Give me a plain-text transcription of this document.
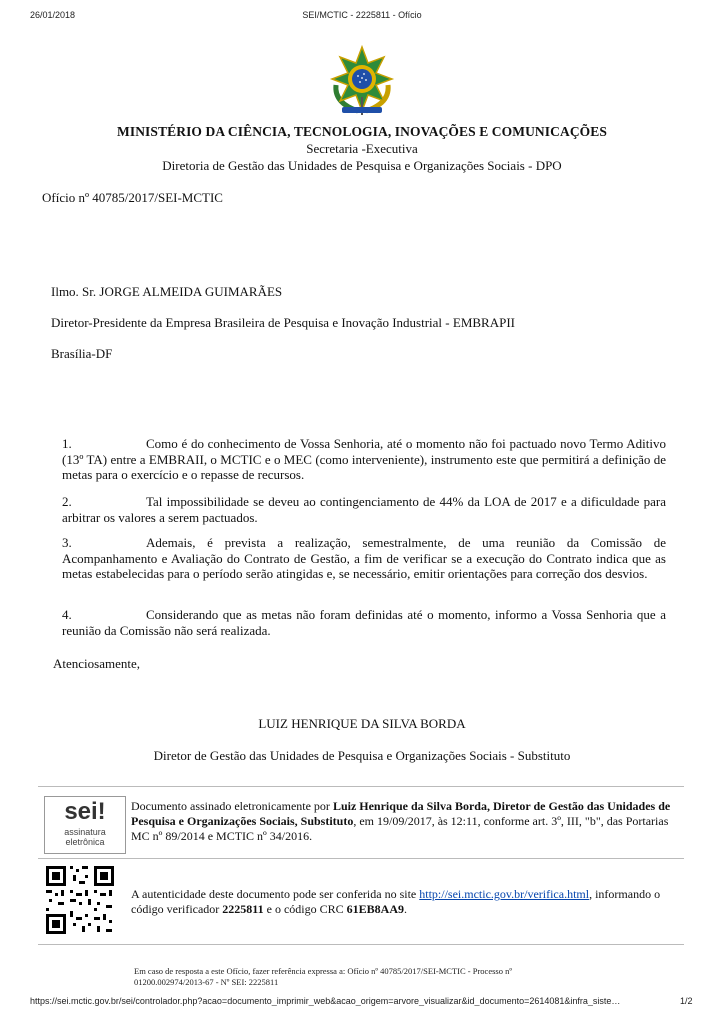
26/01/2018	SEI/MCTIC - 2225811 - Ofício
MINISTÉRIO DA CIÊNCIA, TECNOLOGIA, INOVAÇÕES E COMUNICAÇÕES
Secretaria -Executiva
Diretoria de Gestão das Unidades de Pesquisa e Organizações Sociais - DPO
Ofício nº 40785/2017/SEI-MCTIC
Ilmo. Sr. JORGE ALMEIDA GUIMARÃES
Diretor-Presidente da Empresa Brasileira de Pesquisa e Inovação Industrial - EMBRAPII
Brasília-DF
1.	Como é do conhecimento de Vossa Senhoria, até o momento não foi pactuado novo Termo Aditivo (13º TA) entre a EMBRAII, o MCTIC e o MEC (como interveniente), instrumento este que permitirá a definição de metas para o exercício e o repasse de recursos.
2.	Tal impossibilidade se deveu ao contingenciamento de 44% da LOA de 2017 e a dificuldade para arbitrar os valores a serem pactuados.
3.	Ademais, é prevista a realização, semestralmente, de uma reunião da Comissão de Acompanhamento e Avaliação do Contrato de Gestão, a fim de verificar se a execução do Contrato indica que as metas estabelecidas para o período serão atingidas e, se necessário, emitir orientações para correção dos desvios.
4.	Considerando que as metas não foram definidas até o momento, informo a Vossa Senhoria que a reunião da Comissão não será realizada.
Atenciosamente,
LUIZ HENRIQUE DA SILVA BORDA
Diretor de Gestão das Unidades de Pesquisa e Organizações Sociais - Substituto
sei!
assinatura
eletrônica
Documento assinado eletronicamente por Luiz Henrique da Silva Borda, Diretor de Gestão das Unidades de Pesquisa e Organizações Sociais, Substituto, em 19/09/2017, às 12:11, conforme art. 3º, III, "b", das Portarias MC nº 89/2014 e MCTIC nº 34/2016.
A autenticidade deste documento pode ser conferida no site http://sei.mctic.gov.br/verifica.html, informando o código verificador 2225811 e o código CRC 61EB8AA9.
Em caso de resposta a este Ofício, fazer referência expressa a: Ofício nº 40785/2017/SEI-MCTIC - Processo nº
01200.002974/2013-67 - Nº SEI: 2225811
https://sei.mctic.gov.br/sei/controlador.php?acao=documento_imprimir_web&acao_origem=arvore_visualizar&id_documento=2614081&infra_siste…	1/2
